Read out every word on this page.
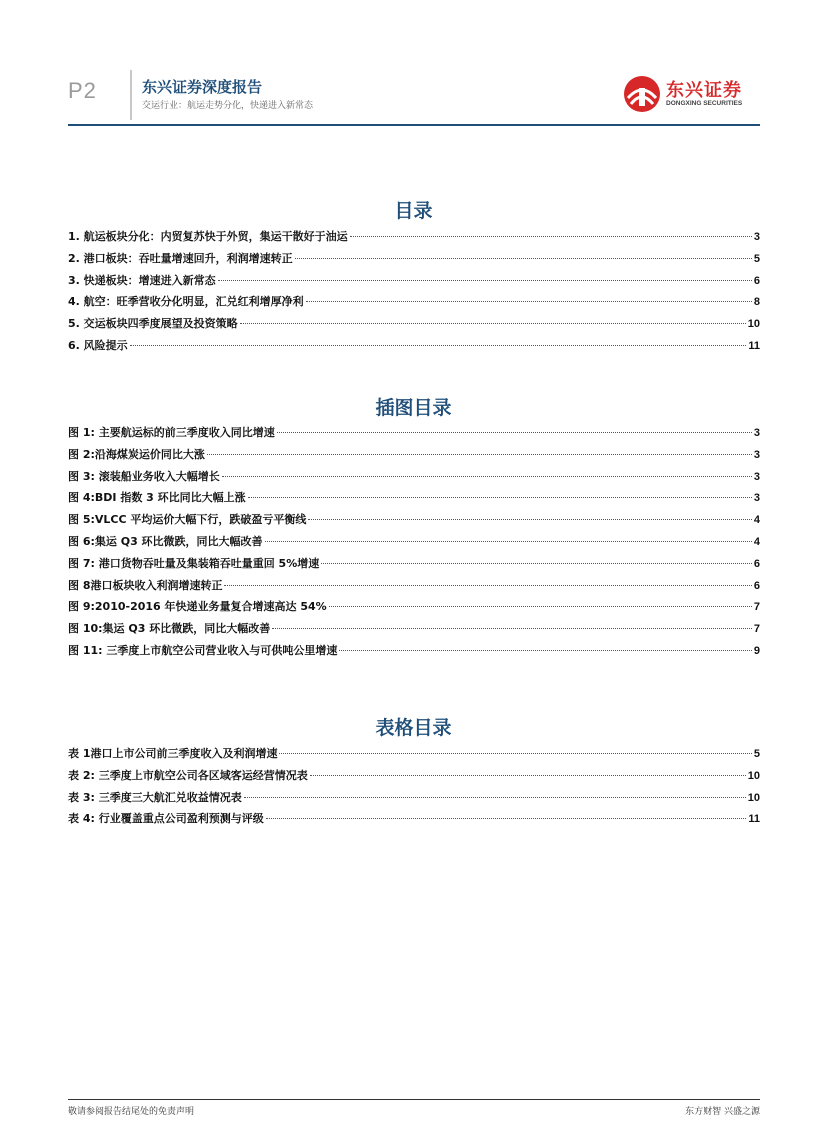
P2	东兴证券深度报告
交运行业：航运走势分化，快递进入新常态
东兴证券
DONGXING SECURITIES
目录
1. 航运板块分化：内贸复苏快于外贸，集运干散好于油运	3
2. 港口板块：吞吐量增速回升，利润增速转正	5
3. 快递板块：增速进入新常态	6
4. 航空：旺季营收分化明显，汇兑红利增厚净利	8
5. 交运板块四季度展望及投资策略	10
6. 风险提示	11
插图目录
图 1: 主要航运标的前三季度收入同比增速	3
图 2:沿海煤炭运价同比大涨	3
图 3: 滚装船业务收入大幅增长	3
图 4:BDI 指数 3 环比同比大幅上涨	3
图 5:VLCC 平均运价大幅下行，跌破盈亏平衡线	4
图 6:集运 Q3 环比微跌，同比大幅改善	4
图 7: 港口货物吞吐量及集装箱吞吐量重回 5%增速	6
图 8港口板块收入利润增速转正	6
图 9:2010-2016 年快递业务量复合增速高达 54%	7
图 10:集运 Q3 环比微跌，同比大幅改善	7
图 11: 三季度上市航空公司营业收入与可供吨公里增速	9
表格目录
表 1港口上市公司前三季度收入及利润增速	5
表 2: 三季度上市航空公司各区域客运经营情况表	10
表 3: 三季度三大航汇兑收益情况表	10
表 4: 行业覆盖重点公司盈利预测与评级	11
敬请参阅报告结尾处的免责声明	东方财智 兴盛之源
